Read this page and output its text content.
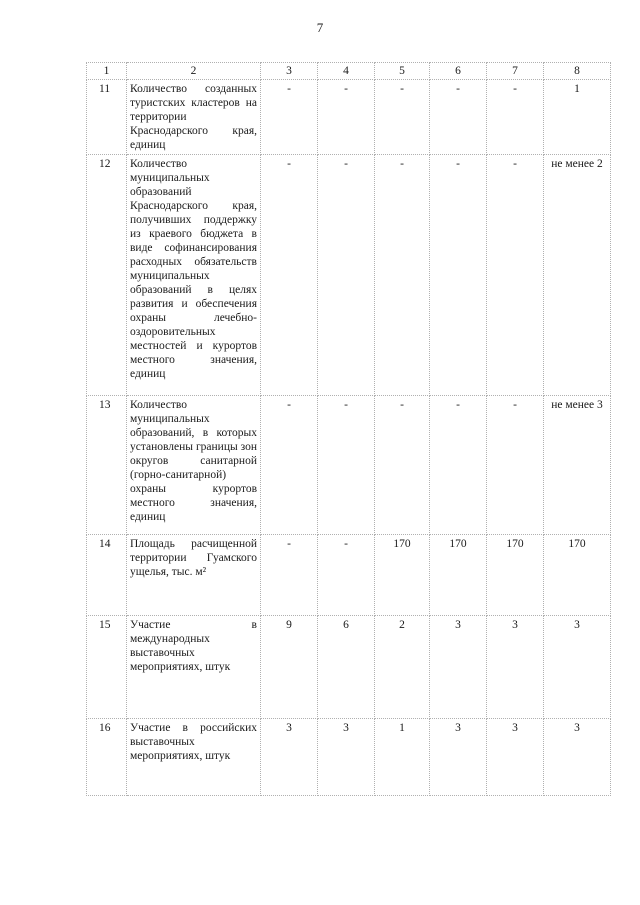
7
1	2	3	4	5	6	7	8
11	Количество созданных туристских кластеров на территории Краснодарского края, единиц	-	-	-	-	-	1
12	Количество муниципальных образований Краснодарского края, получивших поддержку из краевого бюджета в виде софинансирования расходных обязательств муниципальных образований в целях развития и обеспечения охраны лечебно-оздоровительных местностей и курортов местного значения, единиц	-	-	-	-	-	не менее 2
13	Количество муниципальных образований, в которых установлены границы зон округов санитарной (горно-санитарной) охраны курортов местного значения, единиц	-	-	-	-	-	не менее 3
14	Площадь расчищенной территории Гуамского ущелья, тыс. м²	-	-	170	170	170	170
15	Участие в международных выставочных мероприятиях, штук	9	6	2	3	3	3
16	Участие в российских выставочных мероприятиях, штук	3	3	1	3	3	3
